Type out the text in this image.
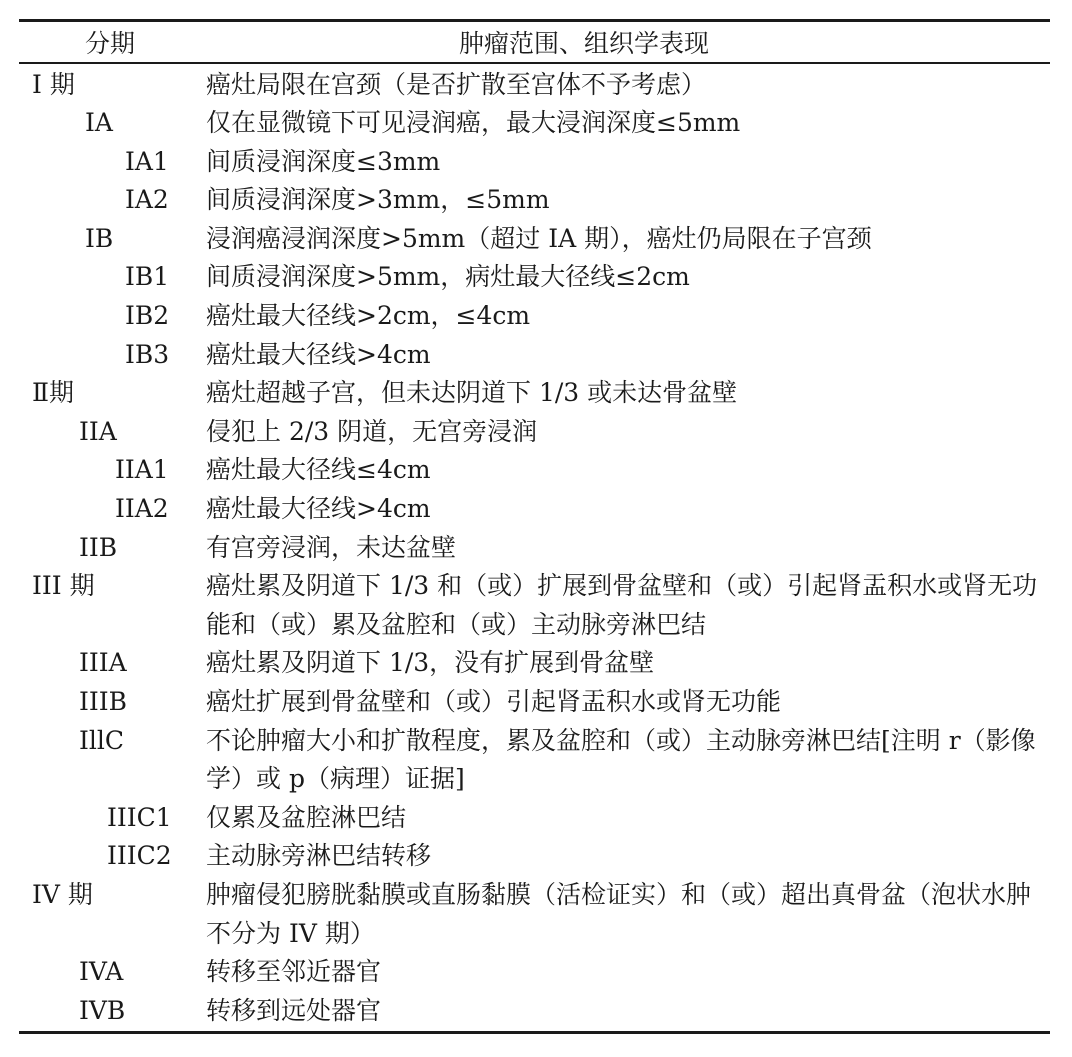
分期	肿瘤范围、组织学表现
I 期	癌灶局限在宫颈（是否扩散至宫体不予考虑）
IA	仅在显微镜下可见浸润癌，最大浸润深度≤5mm
IA1 间质浸润深度≤3mm
IA2 间质浸润深度>3mm，≤5mm
IB	浸润癌浸润深度>5mm（超过 IA 期），癌灶仍局限在子宫颈
IB1 间质浸润深度>5mm，病灶最大径线≤2cm
IB2 癌灶最大径线>2cm，≤4cm
IB3 癌灶最大径线>4cm
Ⅱ期	癌灶超越子宫，但未达阴道下 1/3 或未达骨盆壁
IIA	侵犯上 2/3 阴道，无宫旁浸润
IIA1 癌灶最大径线≤4cm
IIA2 癌灶最大径线>4cm
IIB	有宫旁浸润，未达盆壁
III 期	癌灶累及阴道下 1/3 和（或）扩展到骨盆壁和（或）引起肾盂积水或肾无功能和（或）累及盆腔和（或）主动脉旁淋巴结
IIIA	癌灶累及阴道下 1/3，没有扩展到骨盆壁
IIIB	癌灶扩展到骨盆壁和（或）引起肾盂积水或肾无功能
IllC	不论肿瘤大小和扩散程度，累及盆腔和（或）主动脉旁淋巴结[注明 r（影像学）或 p（病理）证据]
IIIC1 仅累及盆腔淋巴结
IIIC2 主动脉旁淋巴结转移
IV 期	肿瘤侵犯膀胱黏膜或直肠黏膜（活检证实）和（或）超出真骨盆（泡状水肿不分为 IV 期）
IVA	转移至邻近器官
IVB	转移到远处器官
